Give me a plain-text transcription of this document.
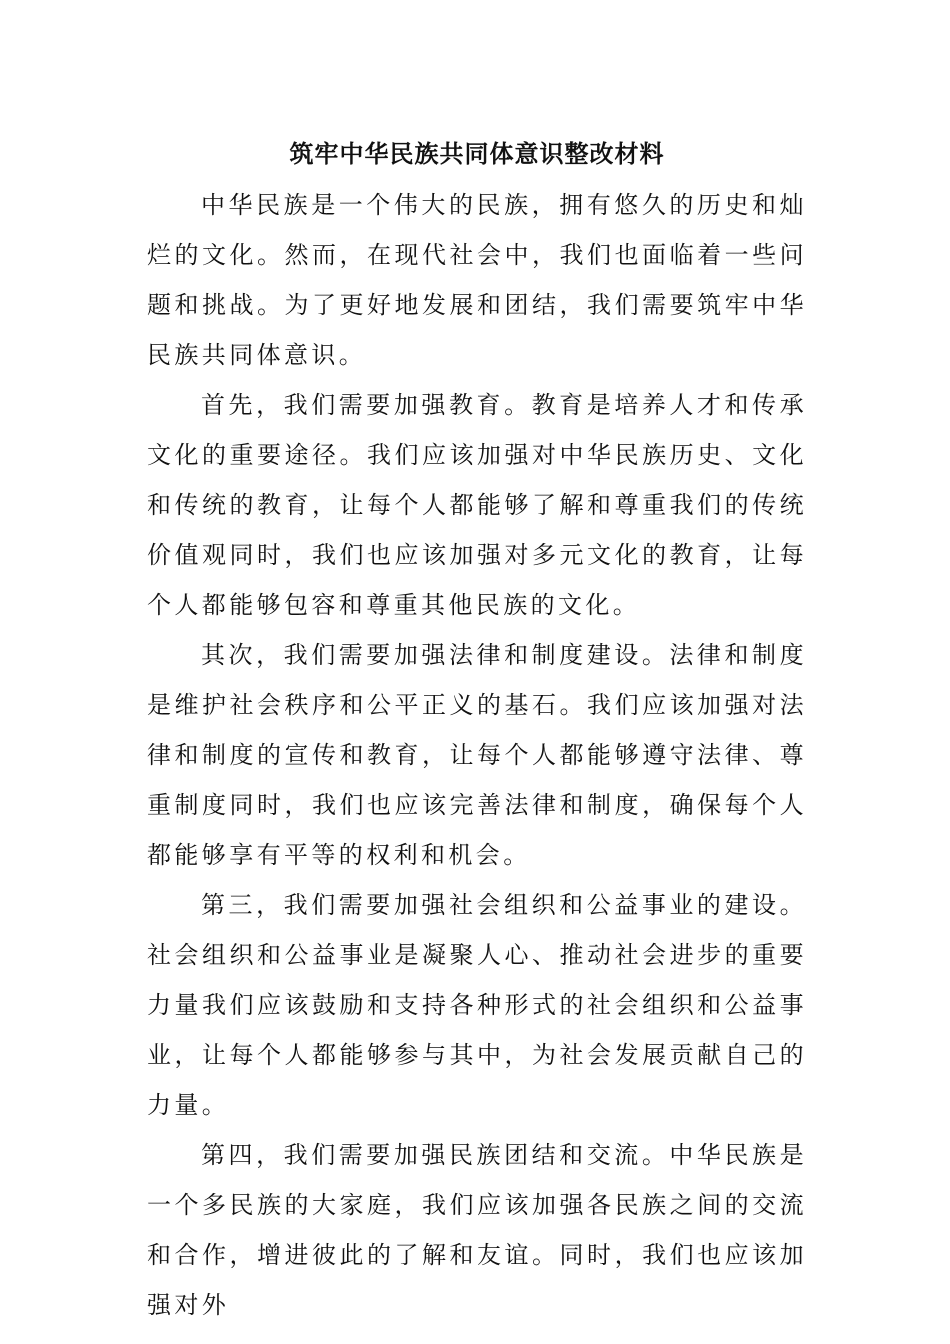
筑牢中华民族共同体意识整改材料

中华民族是一个伟大的民族，拥有悠久的历史和灿烂的文化。然而，在现代社会中，我们也面临着一些问题和挑战。为了更好地发展和团结，我们需要筑牢中华民族共同体意识。

首先，我们需要加强教育。教育是培养人才和传承文化的重要途径。我们应该加强对中华民族历史、文化和传统的教育，让每个人都能够了解和尊重我们的传统价值观同时，我们也应该加强对多元文化的教育，让每个人都能够包容和尊重其他民族的文化。

其次，我们需要加强法律和制度建设。法律和制度是维护社会秩序和公平正义的基石。我们应该加强对法律和制度的宣传和教育，让每个人都能够遵守法律、尊重制度同时，我们也应该完善法律和制度，确保每个人都能够享有平等的权利和机会。

第三，我们需要加强社会组织和公益事业的建设。社会组织和公益事业是凝聚人心、推动社会进步的重要力量我们应该鼓励和支持各种形式的社会组织和公益事业，让每个人都能够参与其中，为社会发展贡献自己的力量。

第四，我们需要加强民族团结和交流。中华民族是一个多民族的大家庭，我们应该加强各民族之间的交流和合作，增进彼此的了解和友谊。同时，我们也应该加强对外
